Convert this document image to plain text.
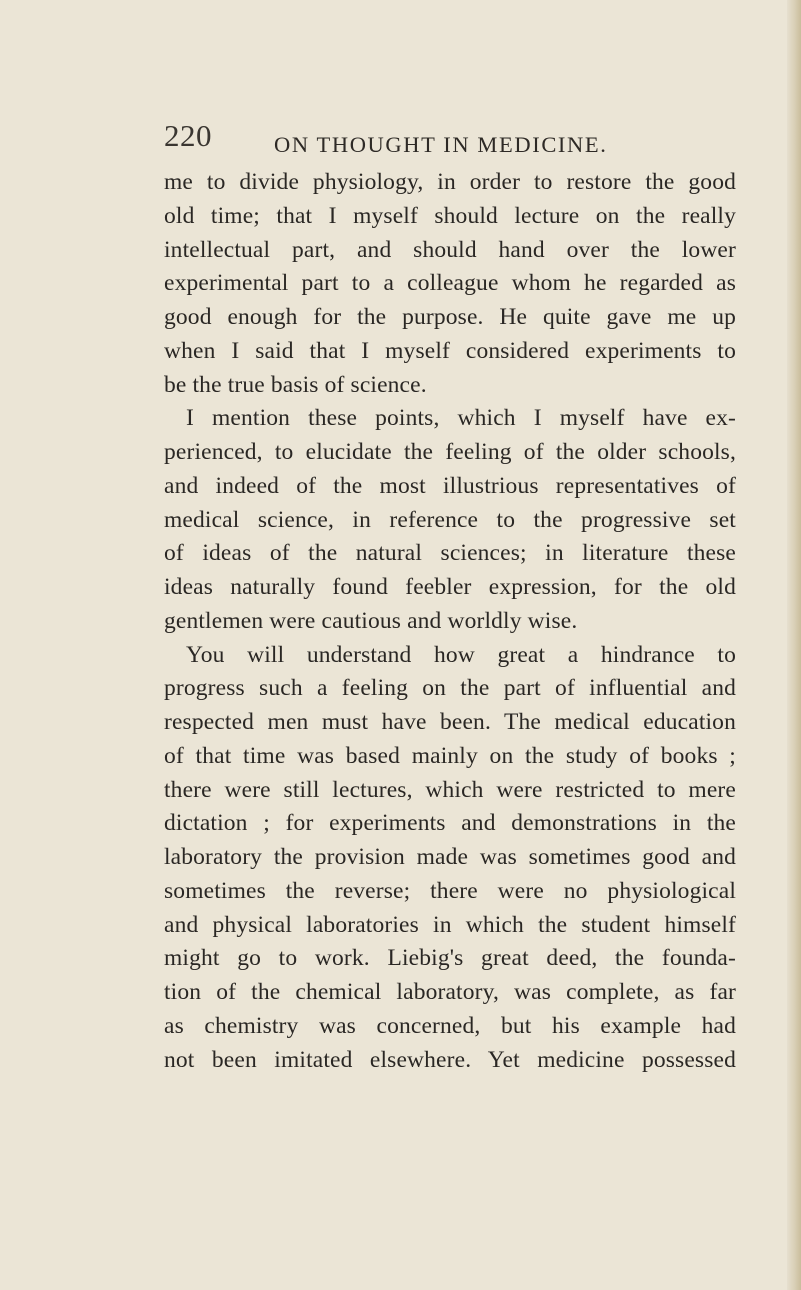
220	ON THOUGHT IN MEDICINE.
me to divide physiology, in order to restore the good
old time; that I myself should lecture on the really
intellectual part, and should hand over the lower
experimental part to a colleague whom he regarded as
good enough for the purpose. He quite gave me up
when I said that I myself considered experiments to
be the true basis of science.
I mention these points, which I myself have ex-
perienced, to elucidate the feeling of the older schools,
and indeed of the most illustrious representatives of
medical science, in reference to the progressive set
of ideas of the natural sciences; in literature these
ideas naturally found feebler expression, for the old
gentlemen were cautious and worldly wise.
You will understand how great a hindrance to
progress such a feeling on the part of influential and
respected men must have been. The medical education
of that time was based mainly on the study of books ;
there were still lectures, which were restricted to mere
dictation ; for experiments and demonstrations in the
laboratory the provision made was sometimes good and
sometimes the reverse; there were no physiological
and physical laboratories in which the student himself
might go to work. Liebig's great deed, the founda-
tion of the chemical laboratory, was complete, as far
as chemistry was concerned, but his example had
not been imitated elsewhere. Yet medicine possessed
